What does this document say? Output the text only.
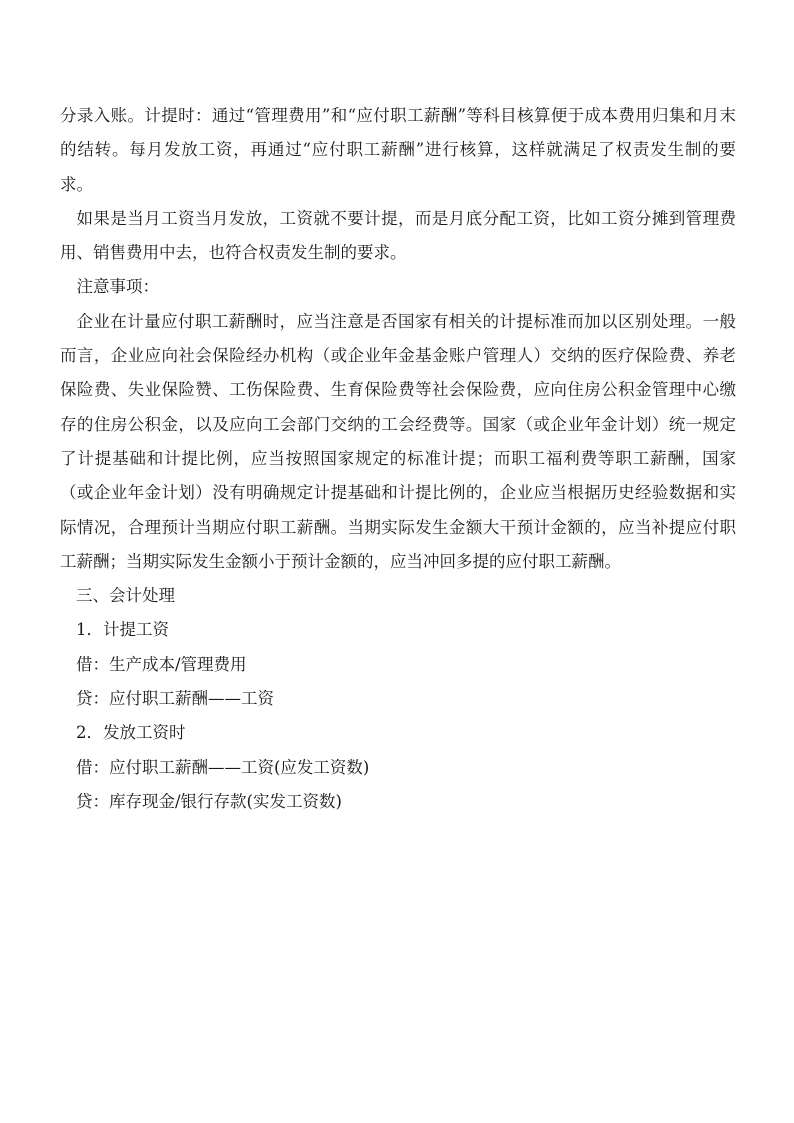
分录入账。计提时：通过“管理费用”和“应付职工薪酬”等科目核算便于成本费用归集和月末的结转。每月发放工资，再通过“应付职工薪酬”进行核算，这样就满足了权责发生制的要求。

如果是当月工资当月发放，工资就不要计提，而是月底分配工资，比如工资分摊到管理费用、销售费用中去，也符合权责发生制的要求。

注意事项：

企业在计量应付职工薪酬时，应当注意是否国家有相关的计提标准而加以区别处理。一般而言，企业应向社会保险经办机构（或企业年金基金账户管理人）交纳的医疗保险费、养老保险费、失业保险赞、工伤保险费、生育保险费等社会保险费，应向住房公积金管理中心缴存的住房公积金，以及应向工会部门交纳的工会经费等。国家（或企业年金计划）统一规定了计提基础和计提比例，应当按照国家规定的标准计提；而职工福利费等职工薪酬，国家（或企业年金计划）没有明确规定计提基础和计提比例的，企业应当根据历史经验数据和实际情况，合理预计当期应付职工薪酬。当期实际发生金额大干预计金额的，应当补提应付职工薪酬；当期实际发生金额小于预计金额的，应当冲回多提的应付职工薪酬。

三、会计处理

1．计提工资

借：生产成本/管理费用

贷：应付职工薪酬——工资

2．发放工资时

借：应付职工薪酬——工资(应发工资数)

贷：库存现金/银行存款(实发工资数)
